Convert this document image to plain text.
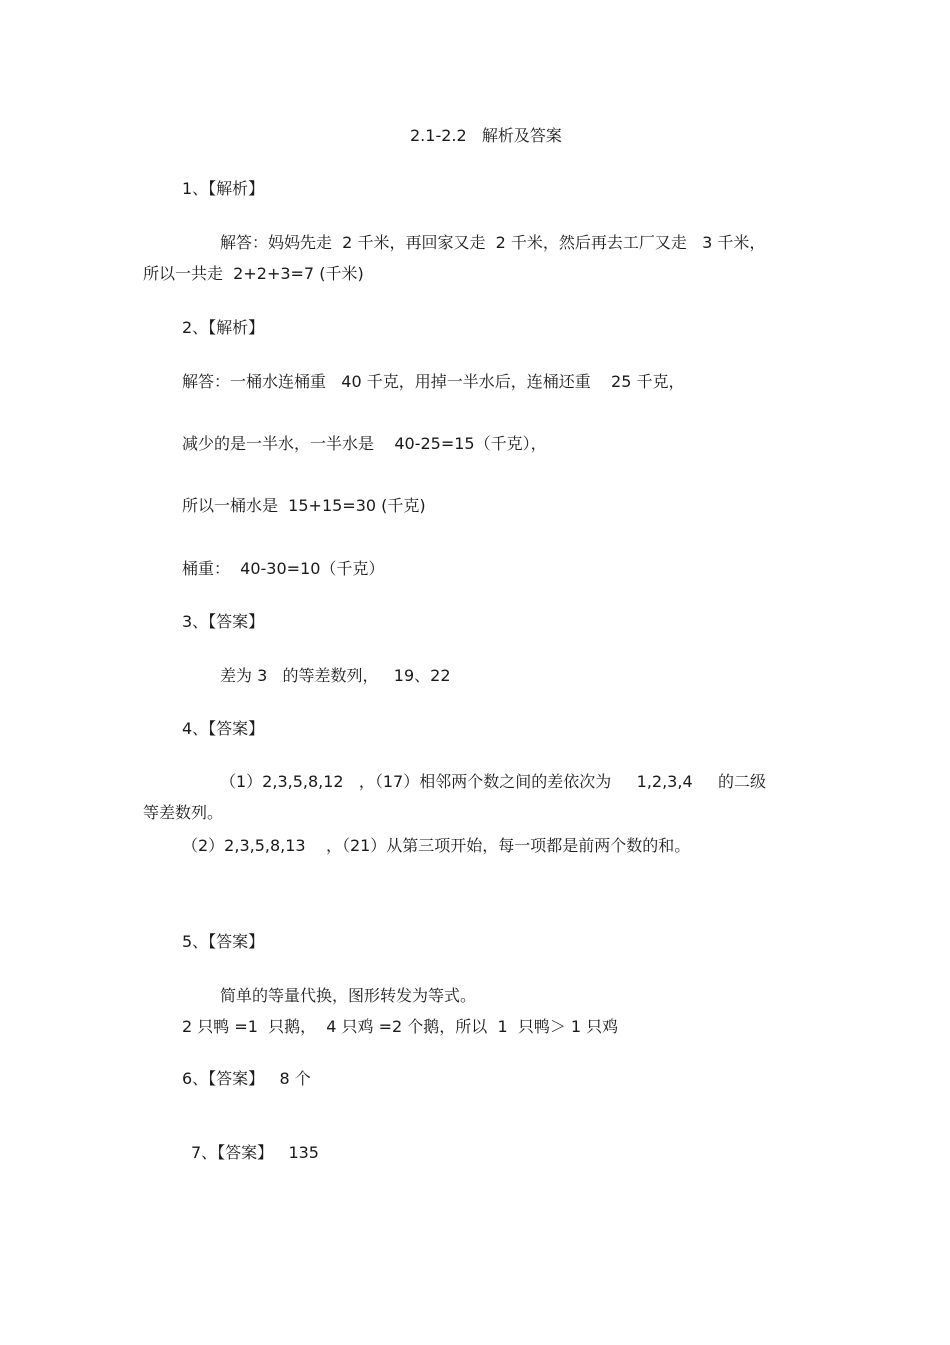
2.1-2.2   解析及答案
1、【解析】
解答：妈妈先走  2 千米，再回家又走  2 千米，然后再去工厂又走   3 千米，
所以一共走  2+2+3=7 (千米)
2、【解析】
解答：一桶水连桶重   40 千克，用掉一半水后，连桶还重    25 千克，
减少的是一半水，一半水是    40-25=15（千克），
所以一桶水是  15+15=30 (千克)
桶重：  40-30=10（千克）
3、【答案】
差为 3   的等差数列，   19、22
4、【答案】
（1）2,3,5,8,12   ，（17）相邻两个数之间的差依次为     1,2,3,4     的二级
等差数列。
（2）2,3,5,8,13    ，（21）从第三项开始，每一项都是前两个数的和。
5、【答案】
简单的等量代换，图形转发为等式。
2 只鸭 =1  只鹅，  4 只鸡 =2 个鹅，所以  1  只鸭＞ 1 只鸡
6、【答案】   8 个
7、【答案】   135
